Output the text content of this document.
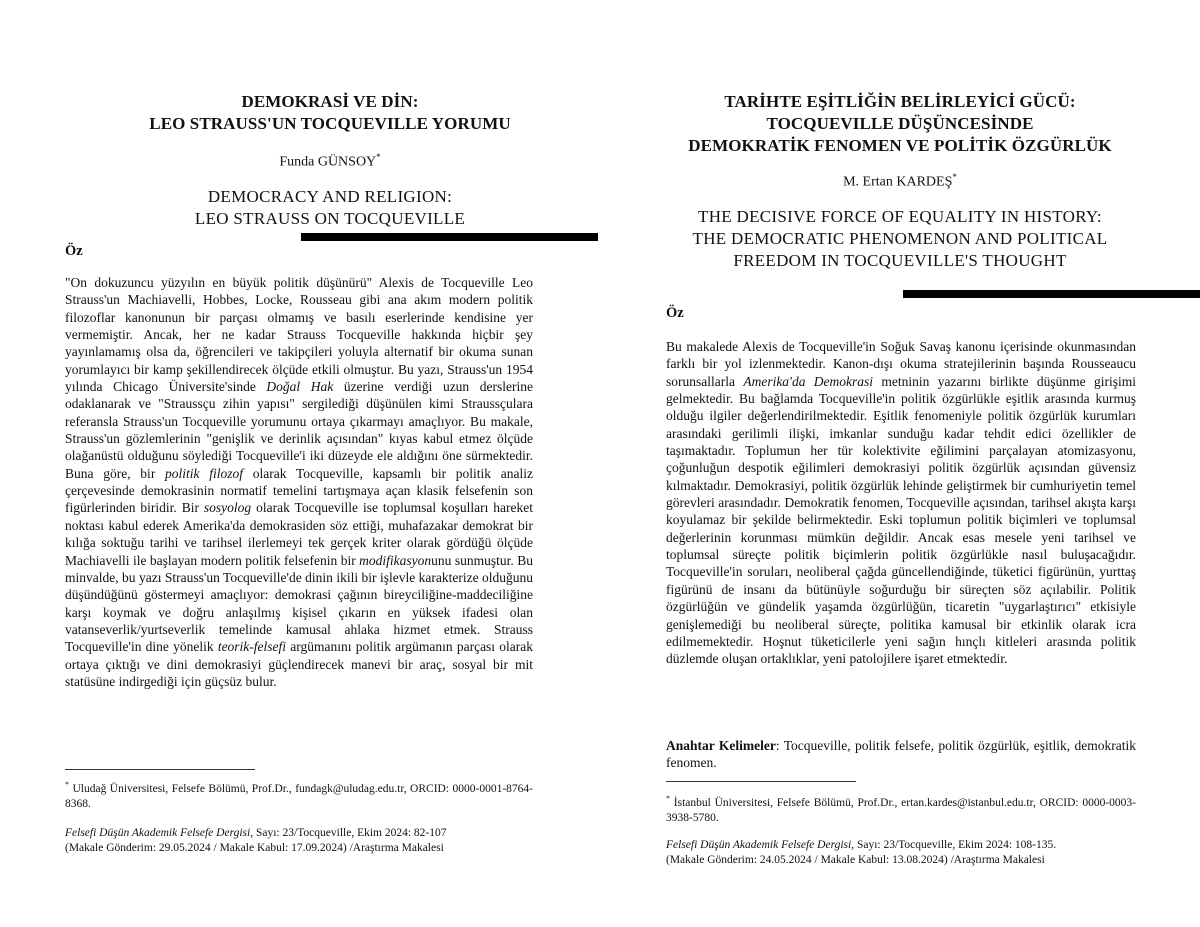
DEMOKRASİ VE DİN:
LEO STRAUSS'UN TOCQUEVILLE YORUMU
Funda GÜNSOY*
DEMOCRACY AND RELIGION:
LEO STRAUSS ON TOCQUEVILLE
Öz

"On dokuzuncu yüzyılın en büyük politik düşünürü" Alexis de Tocqueville Leo Strauss'un Machiavelli, Hobbes, Locke, Rousseau gibi ana akım modern politik filozoflar kanonunun bir parçası olmamış ve basılı eserlerinde kendisine yer vermemiştir. Ancak, her ne kadar Strauss Tocqueville hakkında hiçbir şey yayınlamamış olsa da, öğrencileri ve takipçileri yoluyla alternatif bir okuma sunan yorumlayıcı bir kamp şekillendirecek ölçüde etkili olmuştur. Bu yazı, Strauss'un 1954 yılında Chicago Üniversite'sinde Doğal Hak üzerine verdiği uzun derslerine odaklanarak ve "Straussçu zihin yapısı" sergilediği düşünülen kimi Straussçulara referansla Strauss'un Tocqueville yorumunu ortaya çıkarmayı amaçlıyor. Bu makale, Strauss'un gözlemlerinin "genişlik ve derinlik açısından" kıyas kabul etmez ölçüde olağanüstü olduğunu söylediği Tocqueville'i iki düzeyde ele aldığını öne sürmektedir. Buna göre, bir politik filozof olarak Tocqueville, kapsamlı bir politik analiz çerçevesinde demokrasinin normatif temelini tartışmaya açan klasik felsefenin son figürlerinden biridir. Bir sosyolog olarak Tocqueville ise toplumsal koşulları hareket noktası kabul ederek Amerika'da demokrasiden söz ettiği, muhafazakar demokrat bir kılığa soktuğu tarihi ve tarihsel ilerlemeyi tek gerçek kriter olarak gördüğü ölçüde Machiavelli ile başlayan modern politik felsefenin bir modifikasyonunu sunmuştur. Bu minvalde, bu yazı Strauss'un Tocqueville'de dinin ikili bir işlevle karakterize olduğunu düşündüğünü göstermeyi amaçlıyor: demokrasi çağının bireyciliğine-maddeciliğine karşı koymak ve doğru anlaşılmış kişisel çıkarın en yüksek ifadesi olan vatanseverlik/yurtseverlik temelinde kamusal ahlaka hizmet etmek. Strauss Tocqueville'in dine yönelik teorik-felsefi argümanını politik argümanın parçası olarak ortaya çıktığı ve dini demokrasiyi güçlendirecek manevi bir araç, sosyal bir mit statüsüne indirgediği için güçsüz bulur.

* Uludağ Üniversitesi, Felsefe Bölümü, Prof.Dr., fundagk@uludag.edu.tr, ORCID: 0000-0001-8764-8368.
Felsefi Düşün Akademik Felsefe Dergisi, Sayı: 23/Tocqueville, Ekim 2024: 82-107
(Makale Gönderim: 29.05.2024 / Makale Kabul: 17.09.2024) /Araştırma Makalesi
TARİHTE EŞİTLİĞİN BELİRLEYİCİ GÜCÜ:
TOCQUEVILLE DÜŞÜNCESİNDE
DEMOKRATİK FENOMEN VE POLİTİK ÖZGÜRLÜK
M. Ertan KARDEŞ*
THE DECISIVE FORCE OF EQUALITY IN HISTORY:
THE DEMOCRATIC PHENOMENON AND POLITICAL
FREEDOM IN TOCQUEVILLE'S THOUGHT
Öz

Bu makalede Alexis de Tocqueville'in Soğuk Savaş kanonu içerisinde okunmasından farklı bir yol izlenmektedir. Kanon-dışı okuma stratejilerinin başında Rousseaucu sorunsallarla Amerika'da Demokrasi metninin yazarını birlikte düşünme girişimi gelmektedir. Bu bağlamda Tocqueville'in politik özgürlükle eşitlik arasında kurmuş olduğu ilgiler değerlendirilmektedir. Eşitlik fenomeniyle politik özgürlük kurumları arasındaki gerilimli ilişki, imkanlar sunduğu kadar tehdit edici özellikler de taşımaktadır. Toplumun her tür kolektivite eğilimini parçalayan atomizasyonu, çoğunluğun despotik eğilimleri demokrasiyi politik özgürlük açısından güvensiz kılmaktadır. Demokrasiyi, politik özgürlük lehinde geliştirmek bir cumhuriyetin temel görevleri arasındadır. Demokratik fenomen, Tocqueville açısından, tarihsel akışta karşı koyulamaz bir şekilde belirmektedir. Eski toplumun politik biçimleri ve toplumsal değerlerinin korunması mümkün değildir. Ancak esas mesele yeni tarihsel ve toplumsal süreçte politik biçimlerin politik özgürlükle nasıl buluşacağıdır. Tocqueville'in soruları, neoliberal çağda güncellendiğinde, tüketici figürünün, yurttaş figürünü de insanı da bütünüyle soğurduğu bir süreçten söz açılabilir. Politik özgürlüğün ve gündelik yaşamda özgürlüğün, ticaretin "uygarlaştırıcı" etkisiyle genişlemediği bu neoliberal süreçte, politika kamusal bir etkinlik olarak icra edilmemektedir. Hoşnut tüketicilerle yeni sağın hınçlı kitleleri arasında politik düzlemde oluşan ortaklıklar, yeni patolojilere işaret etmektedir.

Anahtar Kelimeler: Tocqueville, politik felsefe, politik özgürlük, eşitlik, demokratik fenomen.
* İstanbul Üniversitesi, Felsefe Bölümü, Prof.Dr., ertan.kardes@istanbul.edu.tr, ORCID: 0000-0003-3938-5780.
Felsefi Düşün Akademik Felsefe Dergisi, Sayı: 23/Tocqueville, Ekim 2024: 108-135.
(Makale Gönderim: 24.05.2024 / Makale Kabul: 13.08.2024) /Araştırma Makalesi
